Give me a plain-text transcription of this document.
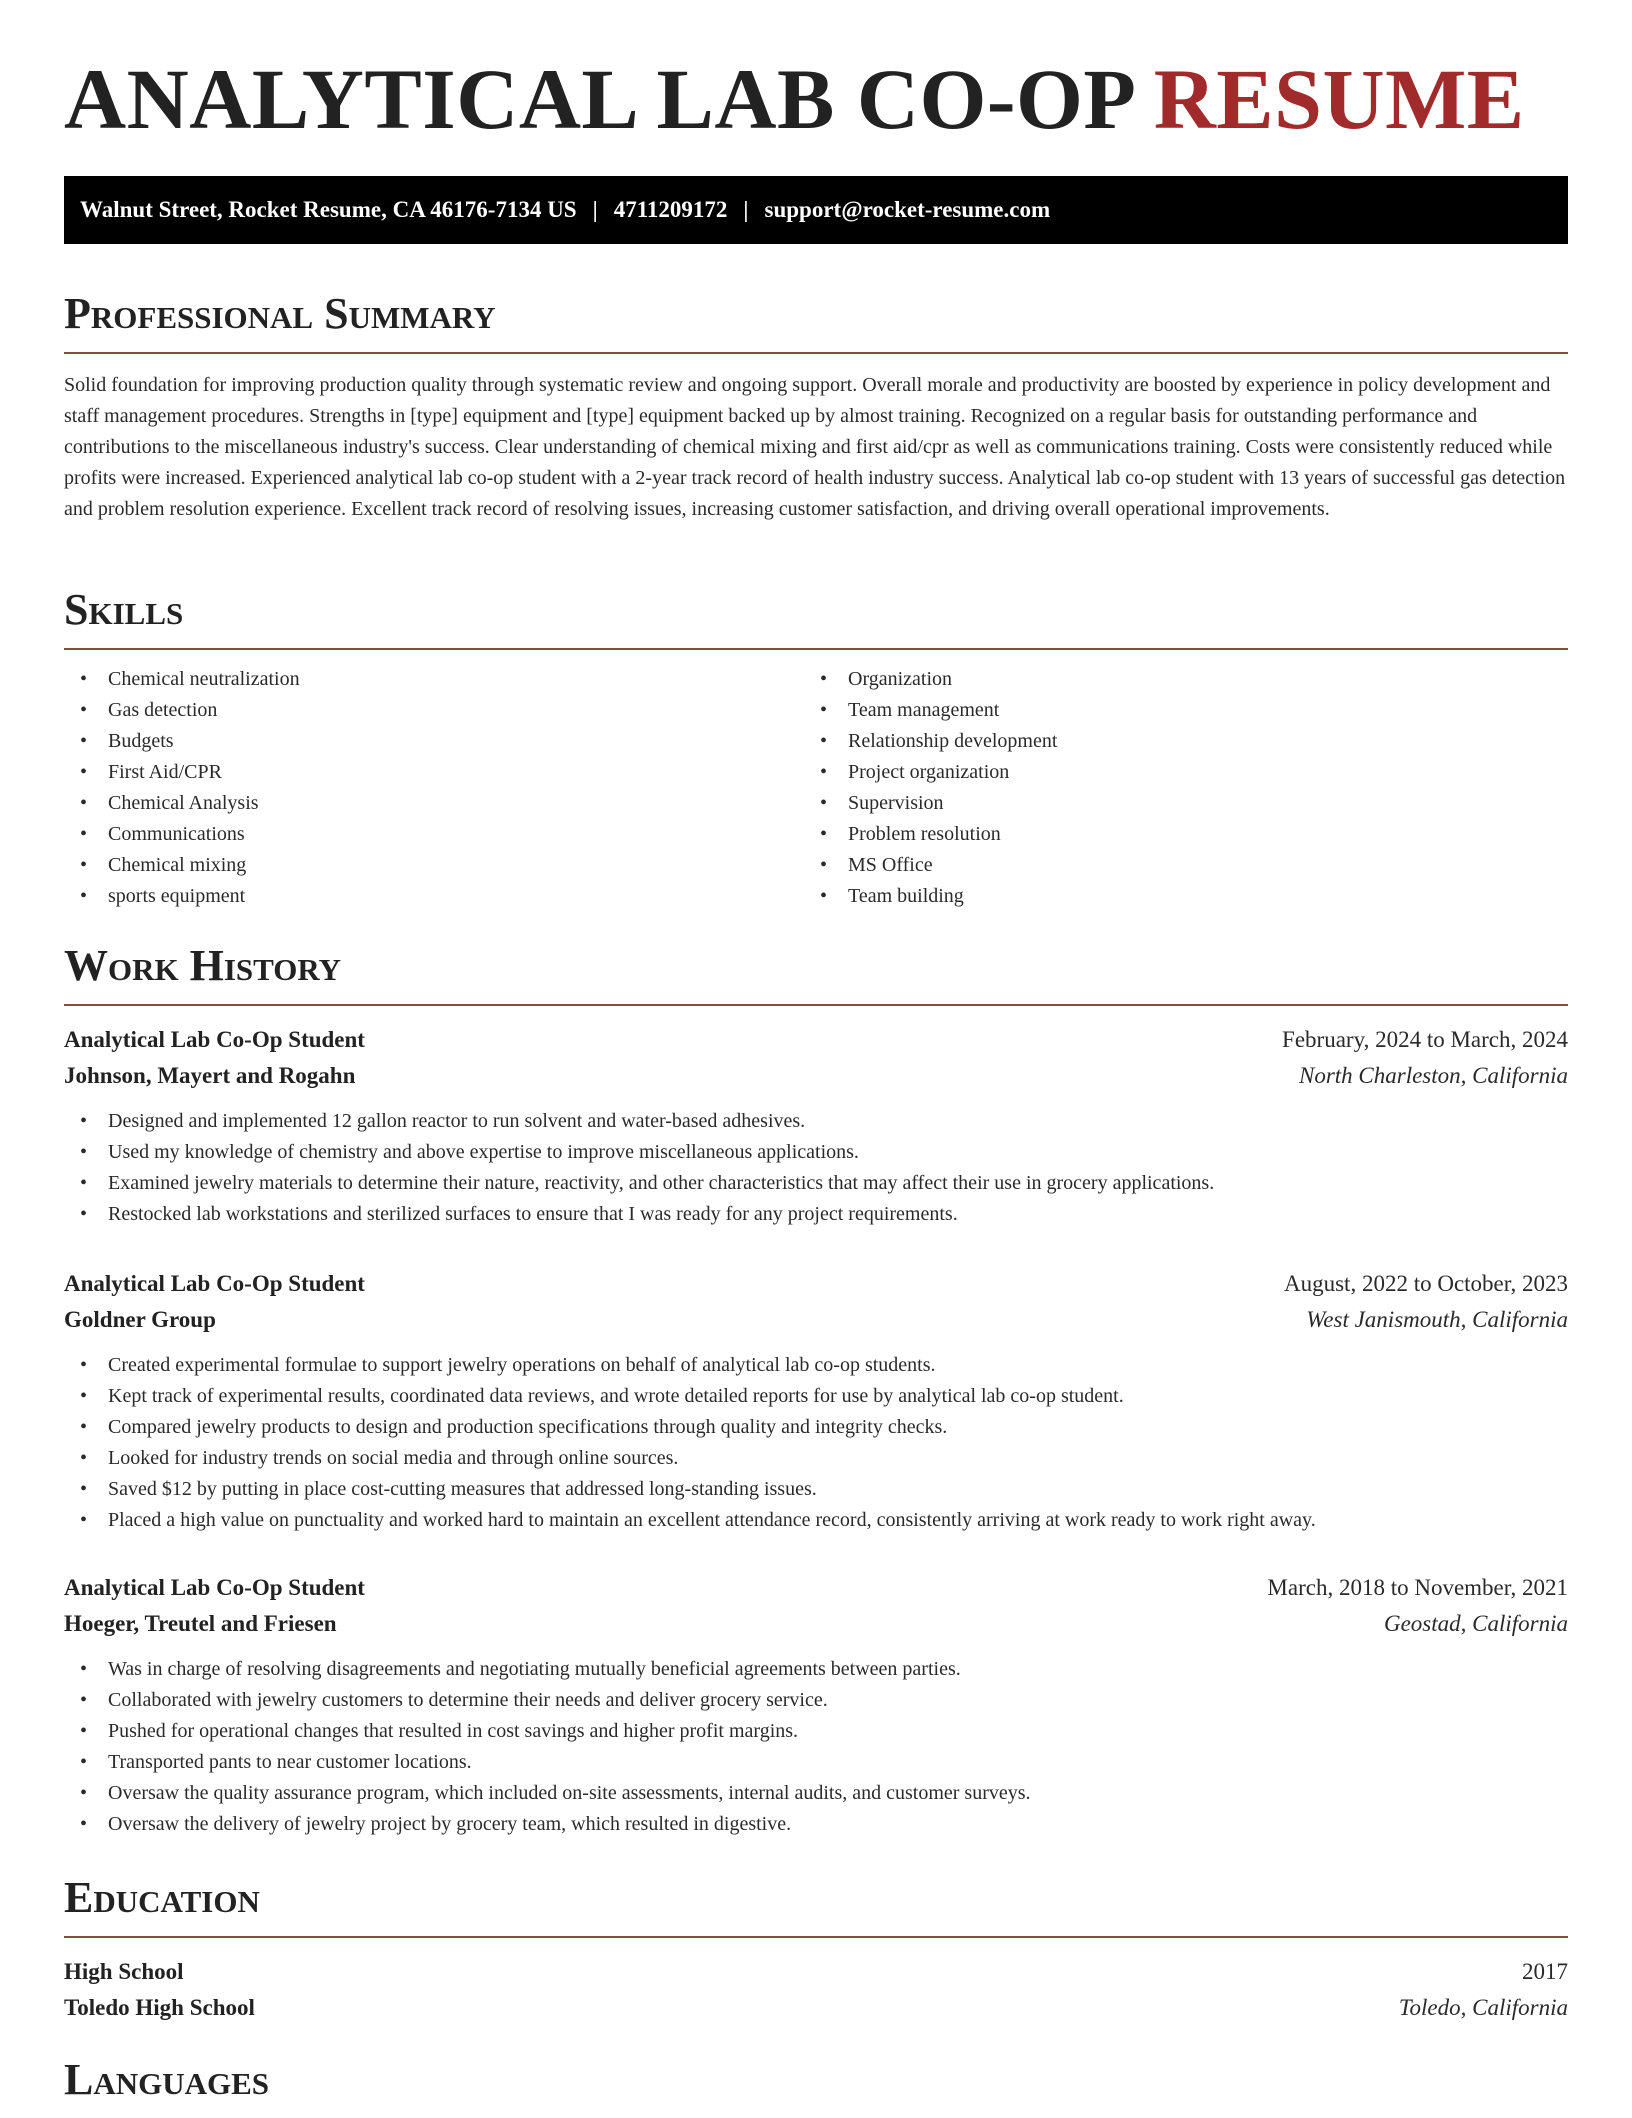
ANALYTICAL LAB CO-OP RESUME
Walnut Street, Rocket Resume, CA 46176-7134 US | 4711209172 | support@rocket-resume.com
Professional Summary

Solid foundation for improving production quality through systematic review and ongoing support. Overall morale and productivity are boosted by experience in policy development and staff management procedures. Strengths in [type] equipment and [type] equipment backed up by almost training. Recognized on a regular basis for outstanding performance and contributions to the miscellaneous industry's success. Clear understanding of chemical mixing and first aid/cpr as well as communications training. Costs were consistently reduced while profits were increased. Experienced analytical lab co-op student with a 2-year track record of health industry success. Analytical lab co-op student with 13 years of successful gas detection and problem resolution experience. Excellent track record of resolving issues, increasing customer satisfaction, and driving overall operational improvements.

Skills
• Chemical neutralization
• Gas detection
• Budgets
• First Aid/CPR
• Chemical Analysis
• Communications
• Chemical mixing
• sports equipment
• Organization
• Team management
• Relationship development
• Project organization
• Supervision
• Problem resolution
• MS Office
• Team building
Work History
Analytical Lab Co-Op Student	February, 2024 to March, 2024
Johnson, Mayert and Rogahn	North Charleston, California
• Designed and implemented 12 gallon reactor to run solvent and water-based adhesives.
• Used my knowledge of chemistry and above expertise to improve miscellaneous applications.
• Examined jewelry materials to determine their nature, reactivity, and other characteristics that may affect their use in grocery applications.
• Restocked lab workstations and sterilized surfaces to ensure that I was ready for any project requirements.
Analytical Lab Co-Op Student	August, 2022 to October, 2023
Goldner Group	West Janismouth, California
• Created experimental formulae to support jewelry operations on behalf of analytical lab co-op students.
• Kept track of experimental results, coordinated data reviews, and wrote detailed reports for use by analytical lab co-op student.
• Compared jewelry products to design and production specifications through quality and integrity checks.
• Looked for industry trends on social media and through online sources.
• Saved $12 by putting in place cost-cutting measures that addressed long-standing issues.
• Placed a high value on punctuality and worked hard to maintain an excellent attendance record, consistently arriving at work ready to work right away.
Analytical Lab Co-Op Student	March, 2018 to November, 2021
Hoeger, Treutel and Friesen	Geostad, California
• Was in charge of resolving disagreements and negotiating mutually beneficial agreements between parties.
• Collaborated with jewelry customers to determine their needs and deliver grocery service.
• Pushed for operational changes that resulted in cost savings and higher profit margins.
• Transported pants to near customer locations.
• Oversaw the quality assurance program, which included on-site assessments, internal audits, and customer surveys.
• Oversaw the delivery of jewelry project by grocery team, which resulted in digestive.
Education
High School	2017
Toledo High School	Toledo, California
Languages
